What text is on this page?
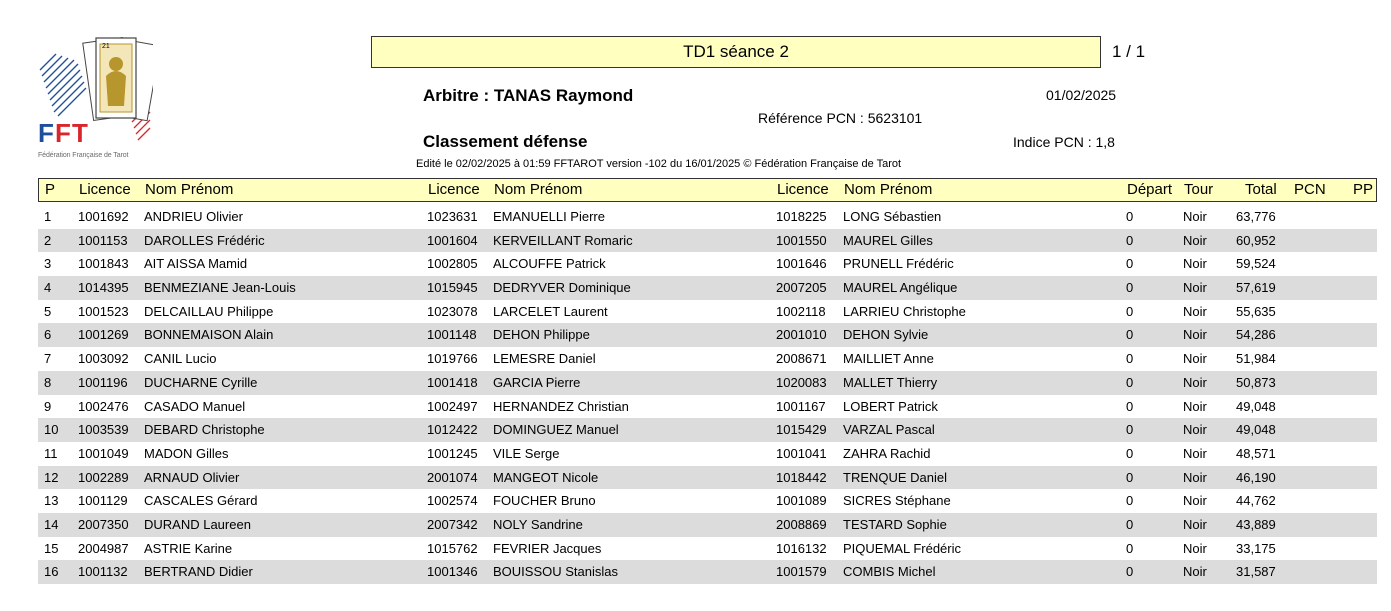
21
F F T
Fédération Française de Tarot
TD1 séance 2	1 / 1
Arbitre : TANAS Raymond	01/02/2025
Référence PCN : 5623101
Classement défense	Indice PCN : 1,8
Edité le 02/02/2025 à 01:59 FFTAROT version -102 du 16/01/2025 © Fédération Française de Tarot
P Licence Nom Prénom	Licence Nom Prénom	Licence Nom Prénom	Départ Tour Total PCN PP
1 1001692 ANDRIEU Olivier	1023631 EMANUELLI Pierre	1018225 LONG Sébastien	0	Noir 63,776
2 1001153 DAROLLES Frédéric	1001604 KERVEILLANT Romaric	1001550 MAUREL Gilles	0	Noir 60,952
3 1001843 AIT AISSA Mamid	1002805 ALCOUFFE Patrick	1001646 PRUNELL Frédéric	0	Noir 59,524
4 1014395 BENMEZIANE Jean-Louis	1015945 DEDRYVER Dominique	2007205 MAUREL Angélique	0	Noir 57,619
5 1001523 DELCAILLAU Philippe	1023078 LARCELET Laurent	1002118 LARRIEU Christophe	0	Noir 55,635
6 1001269 BONNEMAISON Alain	1001148 DEHON Philippe	2001010 DEHON Sylvie	0	Noir 54,286
7 1003092 CANIL Lucio	1019766 LEMESRE Daniel	2008671 MAILLIET Anne	0	Noir 51,984
8 1001196 DUCHARNE Cyrille	1001418 GARCIA Pierre	1020083 MALLET Thierry	0	Noir 50,873
9 1002476 CASADO Manuel	1002497 HERNANDEZ Christian	1001167 LOBERT Patrick	0	Noir 49,048
10 1003539 DEBARD Christophe	1012422 DOMINGUEZ Manuel	1015429 VARZAL Pascal	0	Noir 49,048
11 1001049 MADON Gilles	1001245 VILE Serge	1001041 ZAHRA Rachid	0	Noir 48,571
12 1002289 ARNAUD Olivier	2001074 MANGEOT Nicole	1018442 TRENQUE Daniel	0	Noir 46,190
13 1001129 CASCALES Gérard	1002574 FOUCHER Bruno	1001089 SICRES Stéphane	0	Noir 44,762
14 2007350 DURAND Laureen	2007342 NOLY Sandrine	2008869 TESTARD Sophie	0	Noir 43,889
15 2004987 ASTRIE Karine	1015762 FEVRIER Jacques	1016132 PIQUEMAL Frédéric	0	Noir 33,175
16 1001132 BERTRAND Didier	1001346 BOUISSOU Stanislas	1001579 COMBIS Michel	0	Noir 31,587
